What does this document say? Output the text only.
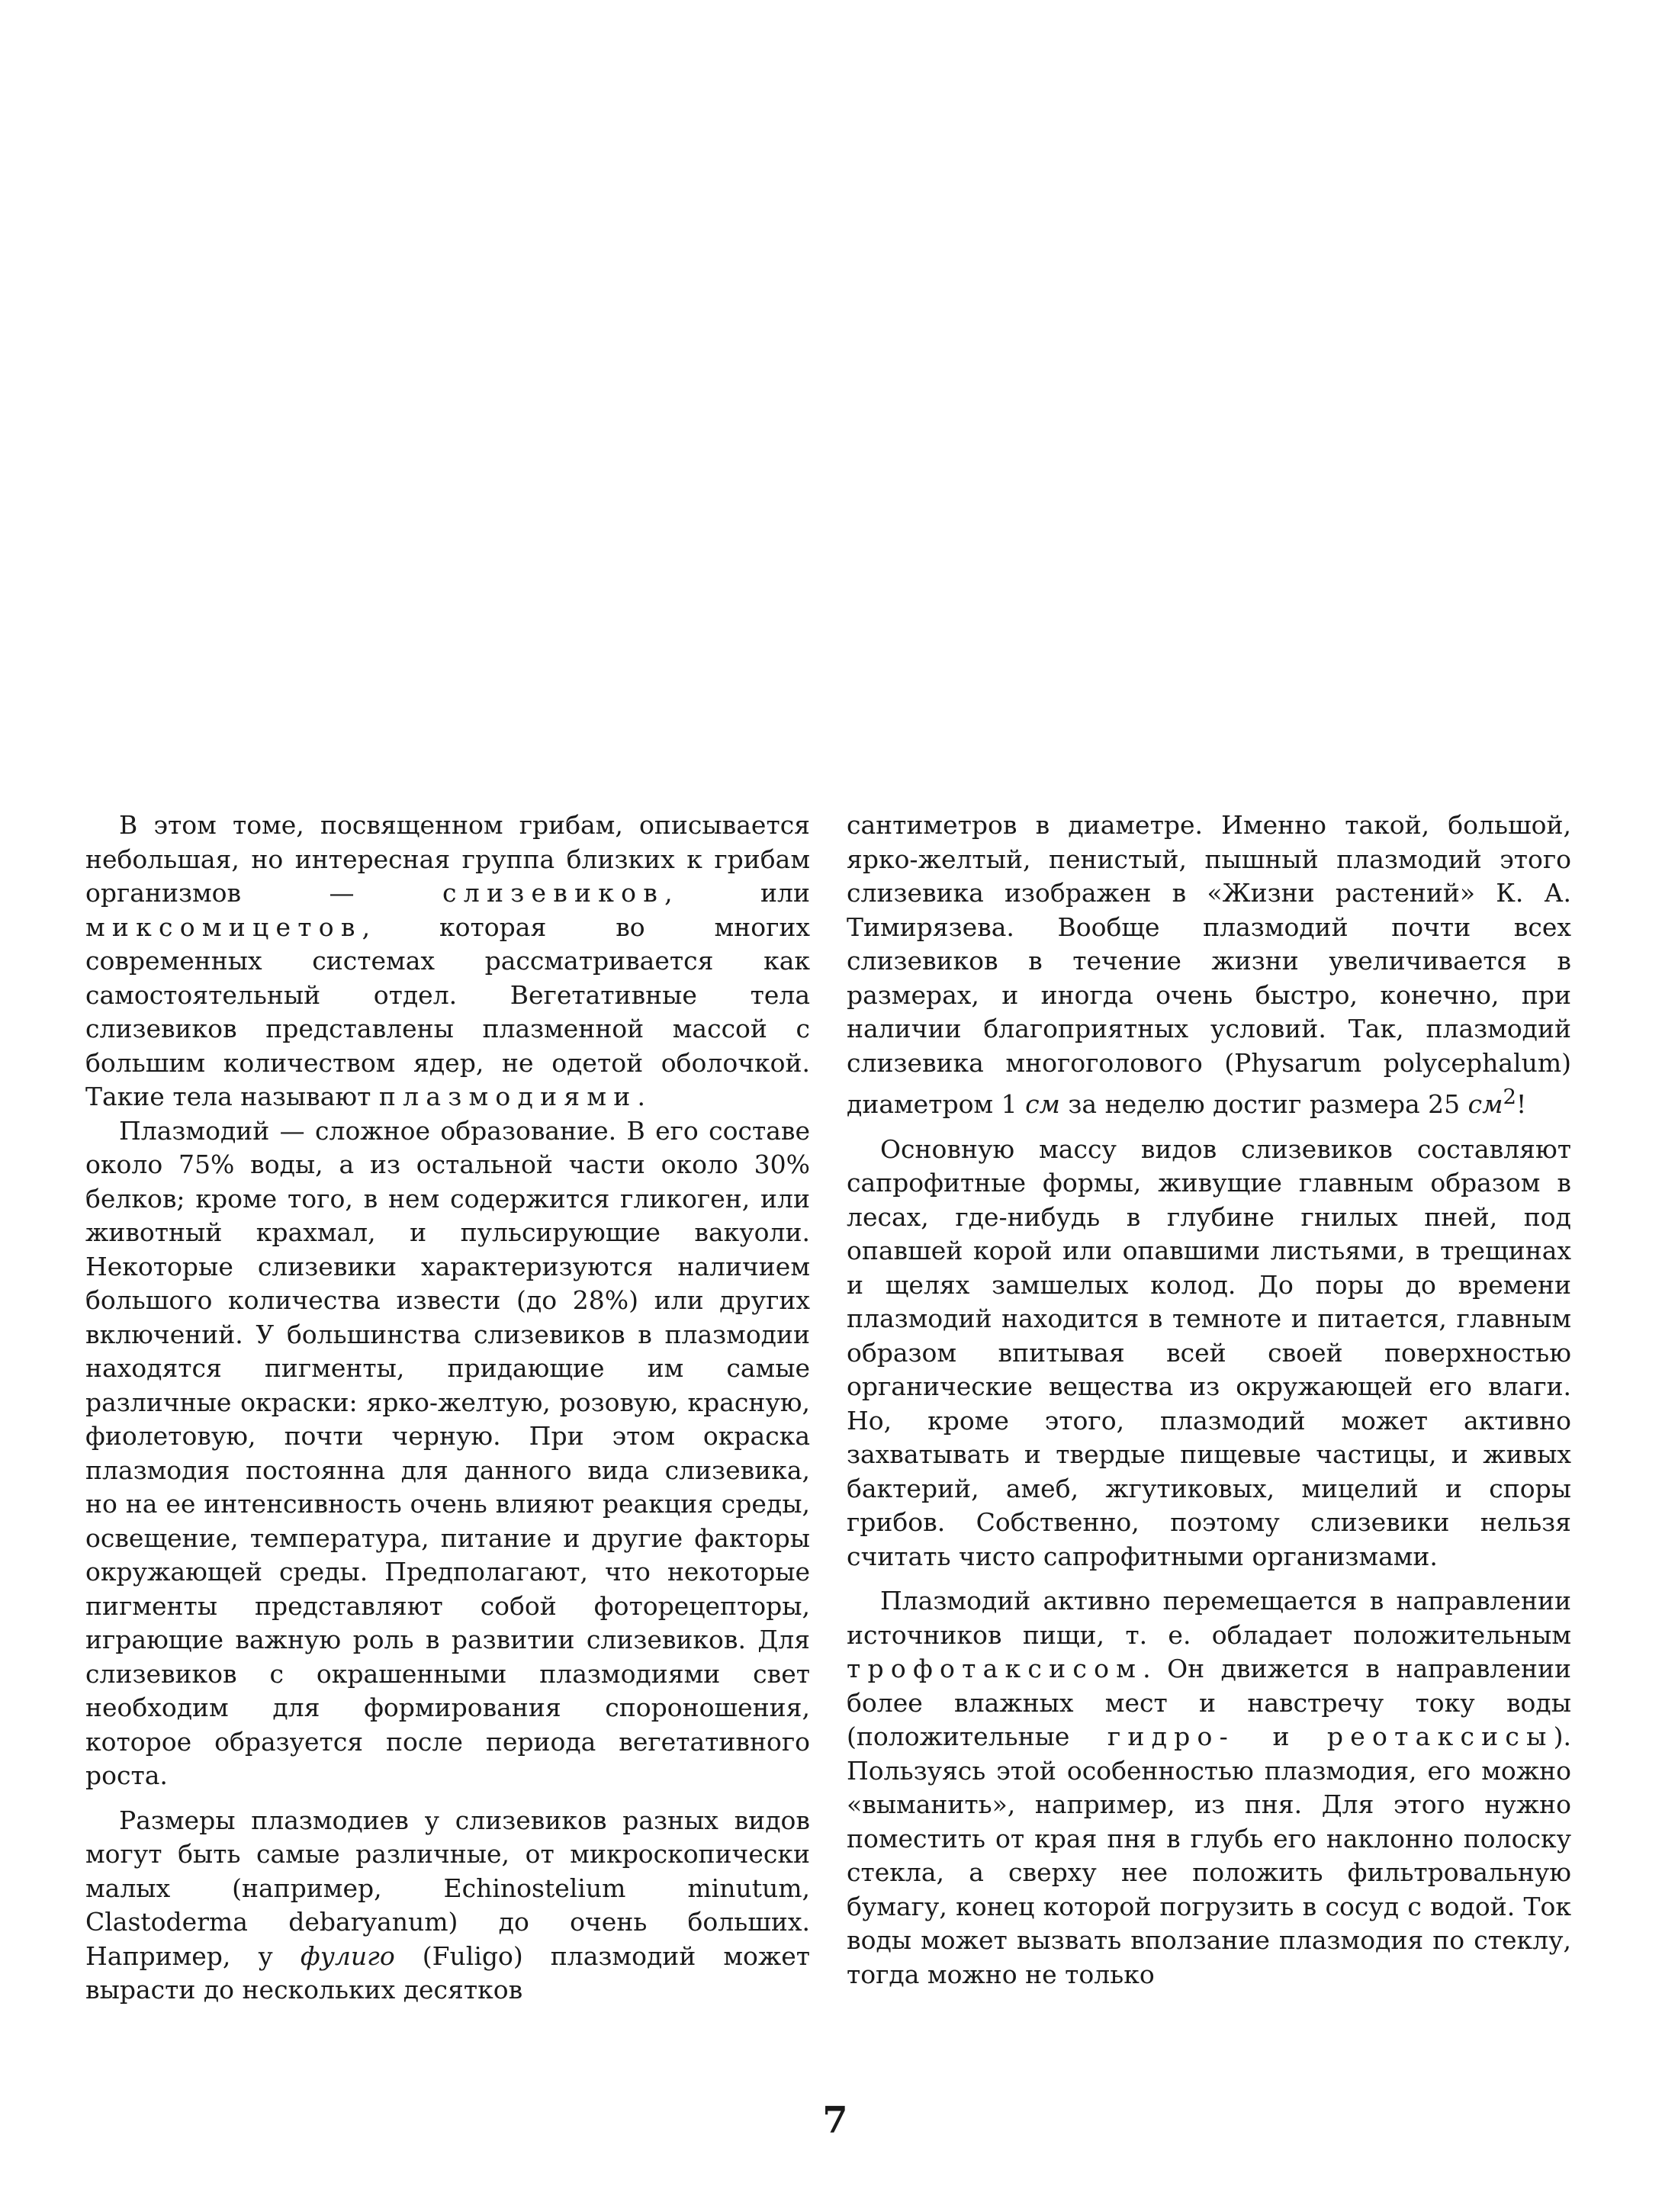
В этом томе, посвященном грибам, описывается небольшая, но интересная группа близких к грибам организмов — слизевиков, или миксомицетов, которая во многих современных системах рассматривается как самостоятельный отдел. Вегетативные тела слизевиков представлены плазменной массой с большим количеством ядер, не одетой оболочкой. Такие тела называют плазмодиями.

Плазмодий — сложное образование. В его составе около 75% воды, а из остальной части около 30% белков; кроме того, в нем содержится гликоген, или животный крахмал, и пульсирующие вакуоли. Некоторые слизевики характеризуются наличием большого количества извести (до 28%) или других включений. У большинства слизевиков в плазмодии находятся пигменты, придающие им самые различные окраски: ярко-желтую, розовую, красную, фиолетовую, почти черную. При этом окраска плазмодия постоянна для данного вида слизевика, но на ее интенсивность очень влияют реакция среды, освещение, температура, питание и другие факторы окружающей среды. Предполагают, что некоторые пигменты представляют собой фоторецепторы, играющие важную роль в развитии слизевиков. Для слизевиков с окрашенными плазмодиями свет необходим для формирования спороношения, которое образуется после периода вегетативного роста.

Размеры плазмодиев у слизевиков разных видов могут быть самые различные, от микроскопически малых (например, Echinostelium minutum, Clastoderma debaryanum) до очень больших. Например, у фулиго (Fuligo) плазмодий может вырасти до нескольких десятков

сантиметров в диаметре. Именно такой, большой, ярко-желтый, пенистый, пышный плазмодий этого слизевика изображен в «Жизни растений» К. А. Тимирязева. Вообще плазмодий почти всех слизевиков в течение жизни увеличивается в размерах, и иногда очень быстро, конечно, при наличии благоприятных условий. Так, плазмодий слизевика многоголового (Physarum polycephalum) диаметром 1 см за неделю достиг размера 25 $см^2$!

Основную массу видов слизевиков составляют сапрофитные формы, живущие главным образом в лесах, где-нибудь в глубине гнилых пней, под опавшей корой или опавшими листьями, в трещинах и щелях замшелых колод. До поры до времени плазмодий находится в темноте и питается, главным образом впитывая всей своей поверхностью органические вещества из окружающей его влаги. Но, кроме этого, плазмодий может активно захватывать и твердые пищевые частицы, и живых бактерий, амеб, жгутиковых, мицелий и споры грибов. Собственно, поэтому слизевики нельзя считать чисто сапрофитными организмами.

Плазмодий активно перемещается в направлении источников пищи, т. е. обладает положительным трофотаксисом. Он движется в направлении более влажных мест и навстречу току воды (положительные гидро- и реотаксисы). Пользуясь этой особенностью плазмодия, его можно «выманить», например, из пня. Для этого нужно поместить от края пня в глубь его наклонно полоску стекла, а сверху нее положить фильтровальную бумагу, конец которой погрузить в сосуд с водой. Ток воды может вызвать вползание плазмодия по стеклу, тогда можно не только

7
